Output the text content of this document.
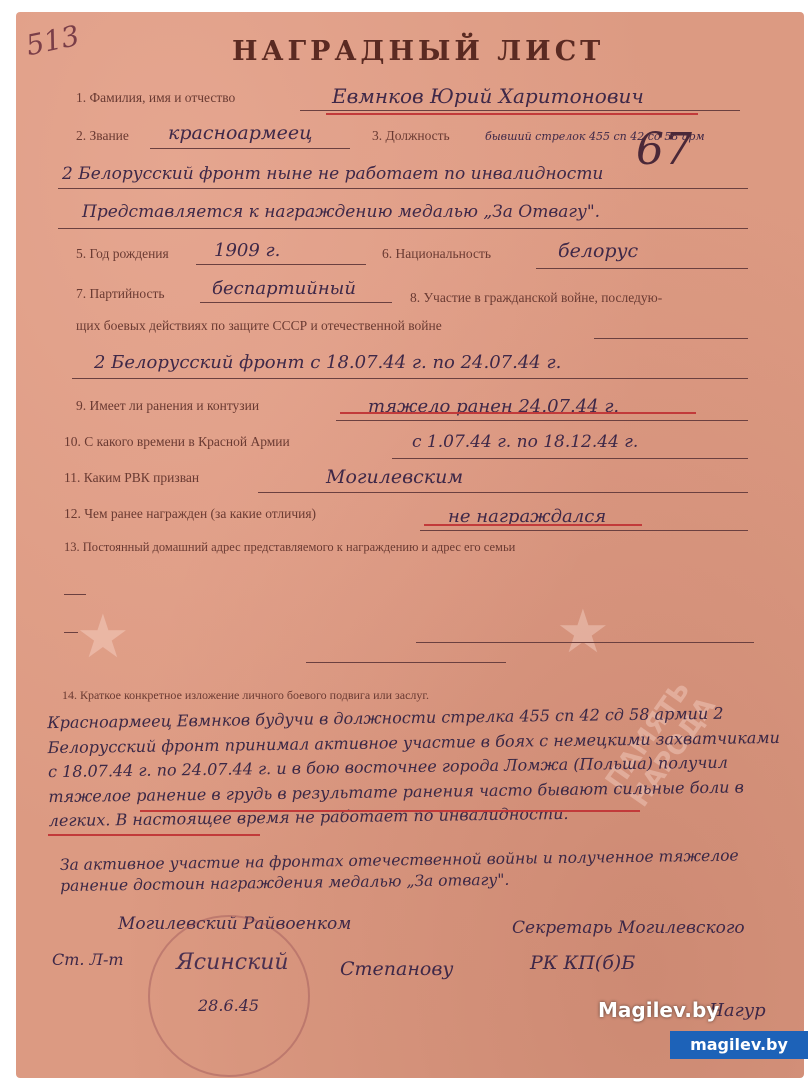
★	★
ПАМЯТЬ НАРОДА
513	НАГРАДНЫЙ ЛИСТ
1. Фамилия, имя и отчество	Евмнков Юрий Харитонович
2. Звание красноармеец	3. Должность	бывший стрелок 455 сп 42 сд 58 арм
67
2 Белорусский фронт ныне не работает по инвалидности
Представляется к награждению медалью „За Отвагу".
5. Год рождения	1909 г.	6. Национальность	белорус
7. Партийность	беспартийный	8. Участие в гражданской войне, последую-
щих боевых действиях по защите СССР и отечественной войне
2 Белорусский фронт с 18.07.44 г. по 24.07.44 г.
9. Имеет ли ранения и контузии	тяжело ранен 24.07.44 г.
10. С какого времени в Красной Армии	с 1.07.44 г. по 18.12.44 г.
11. Каким РВК призван	Могилевским
12. Чем ранее награжден (за какие отличия)	не награждался
13. Постоянный домашний адрес представляемого к награждению и адрес его семьи
14. Краткое конкретное изложение личного боевого подвига или заслуг.
Красноармеец Евмнков будучи в должности стрелка 455 сп 42 сд 58 армии 2 Белорусский фронт принимал активное участие в боях с немецкими захватчиками с 18.07.44 г. по 24.07.44 г. и в бою восточнее города Ломжа (Польша) получил тяжелое ранение в грудь в результате ранения часто бывают сильные боли в легких. В настоящее время не работает по инвалидности.
За активное участие на фронтах отечественной войны и полученное тяжелое ранение достоин награждения медалью „За отвагу".
Могилевский Райвоенком	Секретарь Могилевского
Ст. Л-т	РК КП(б)Б
Ясинский	Степанову
Чагур
28.6.45	Magilev.by
magilev.by
